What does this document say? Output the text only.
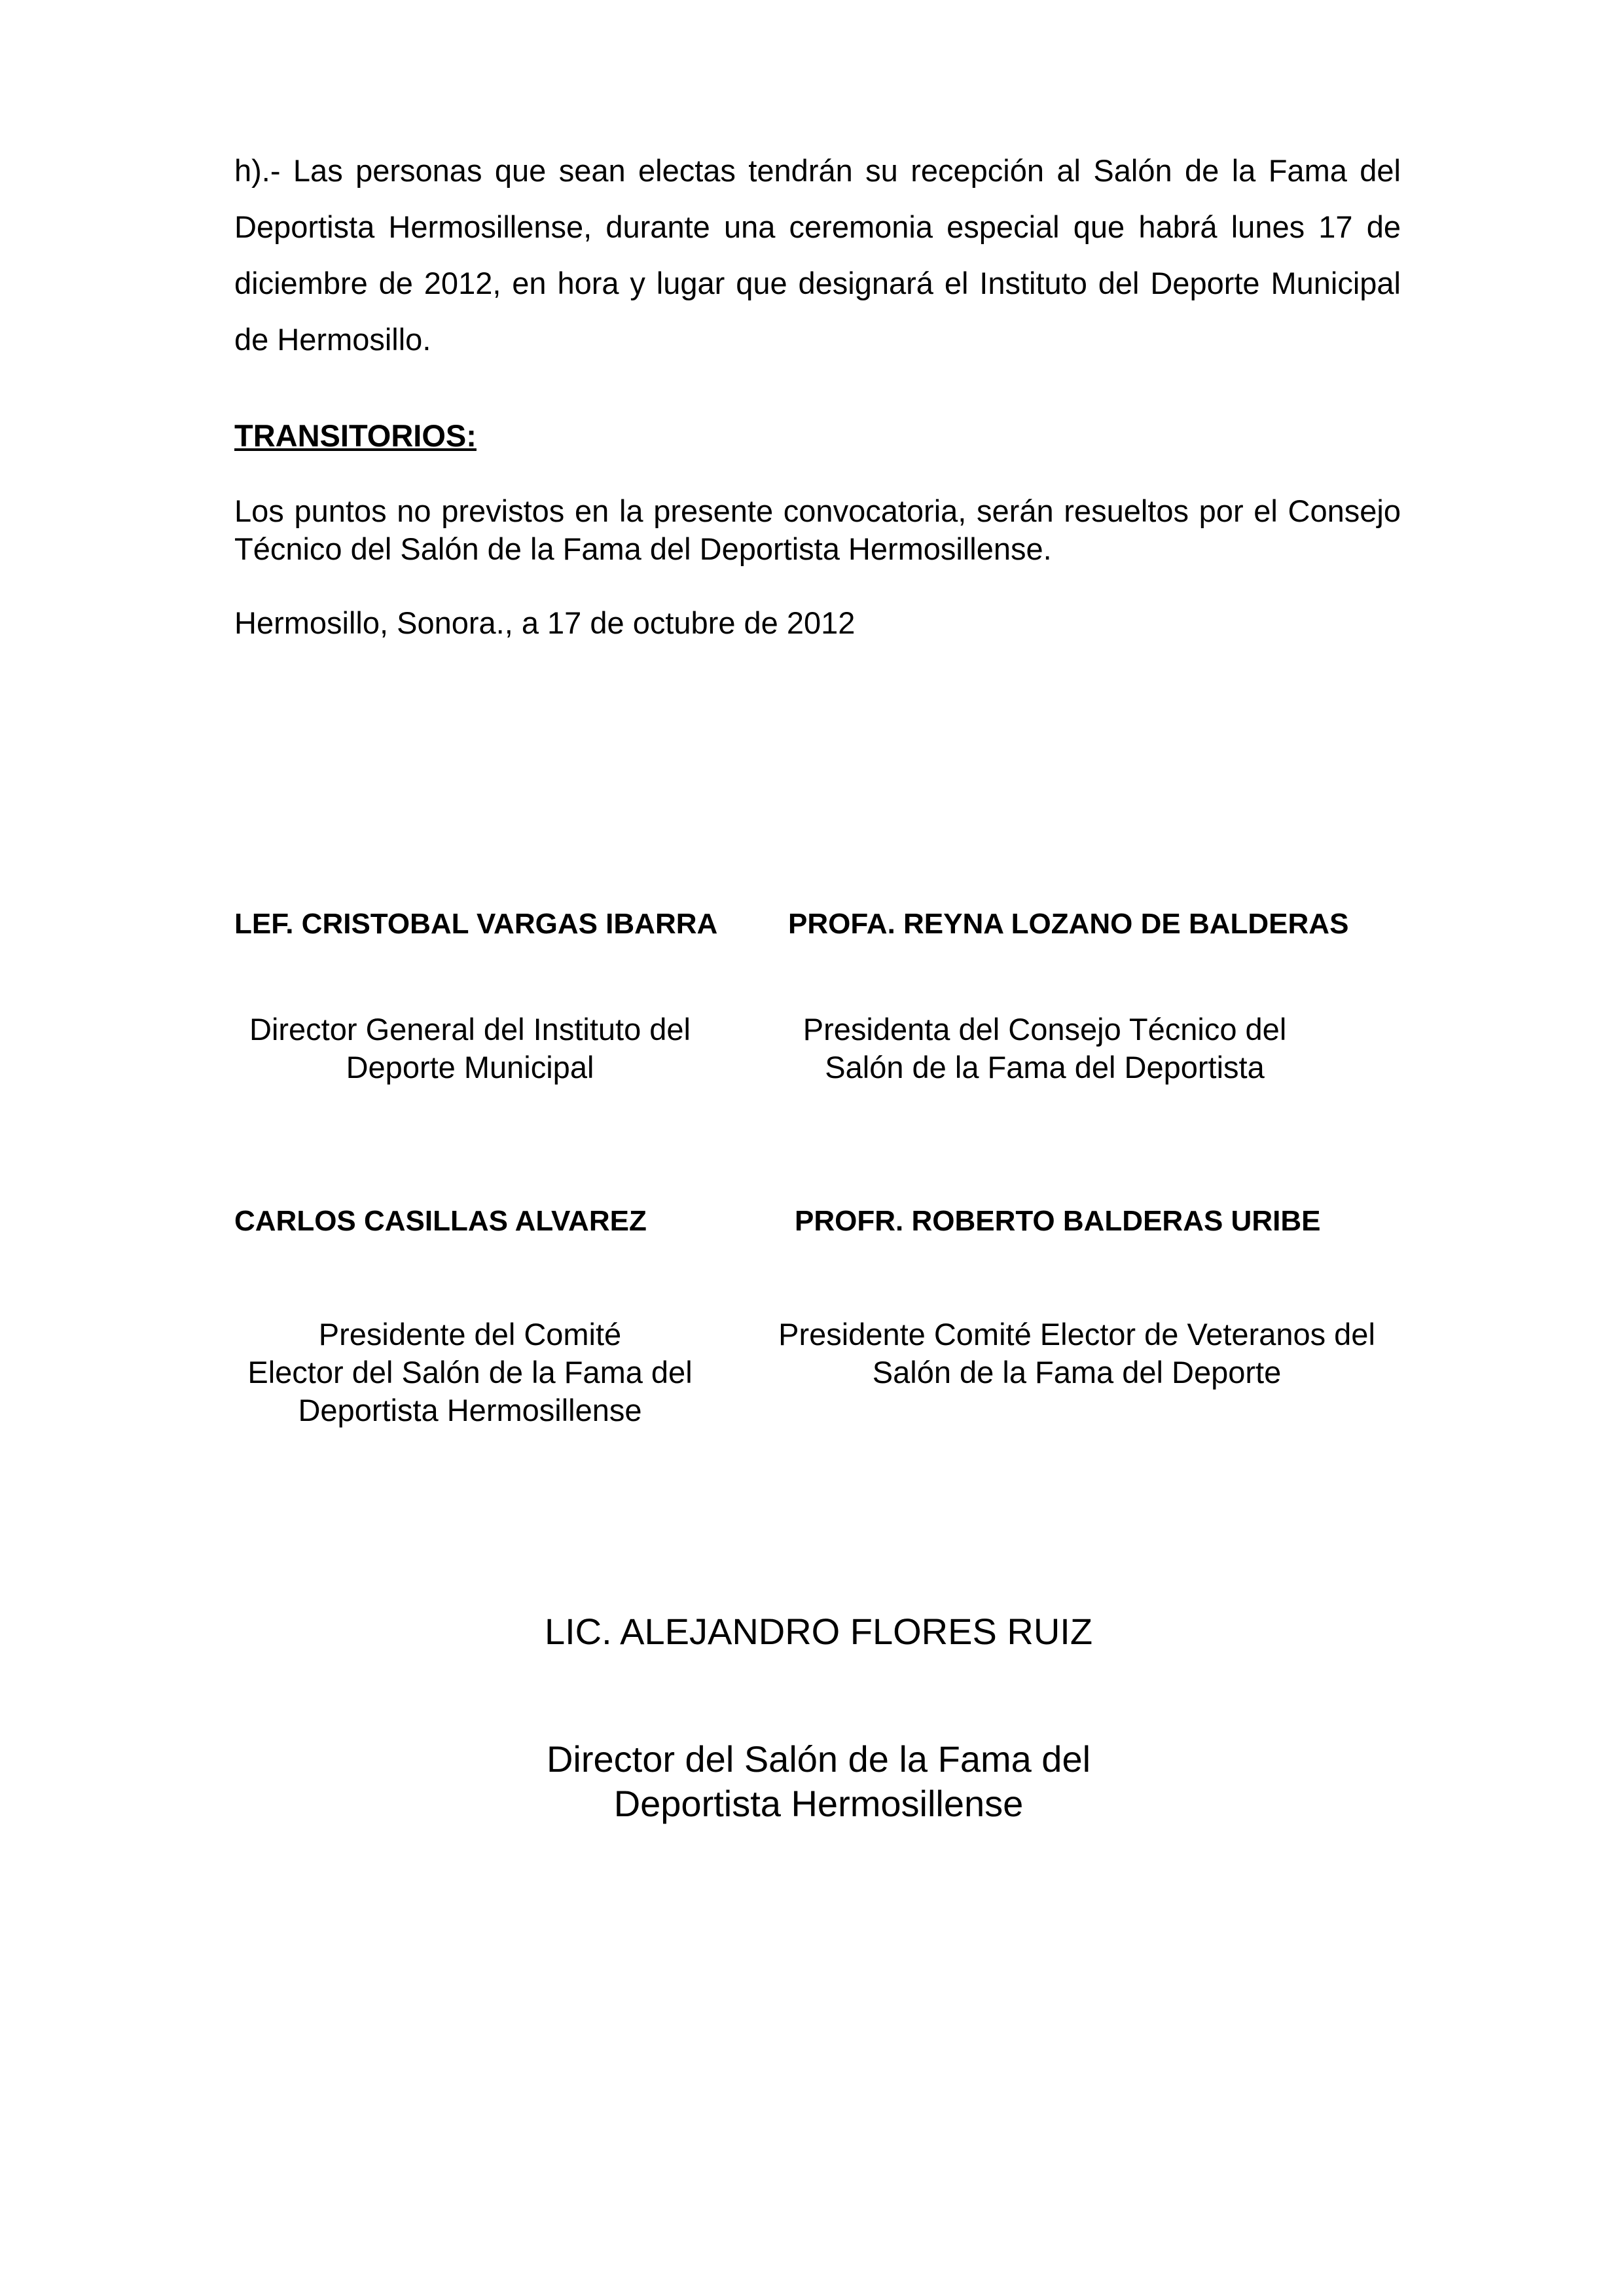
h).- Las personas que sean electas tendrán su recepción al Salón de la Fama del Deportista Hermosillense, durante una ceremonia especial que habrá lunes 17 de diciembre de 2012, en hora y lugar que designará el Instituto del Deporte Municipal de Hermosillo.

TRANSITORIOS:

Los puntos no previstos en la presente convocatoria, serán resueltos por el Consejo Técnico del Salón de la Fama del Deportista Hermosillense.

Hermosillo, Sonora., a 17 de octubre de 2012

LEF. CRISTOBAL VARGAS IBARRA

Director General del Instituto del
Deporte Municipal

PROFA. REYNA LOZANO DE BALDERAS

Presidenta del Consejo Técnico del
Salón de la Fama del Deportista

CARLOS CASILLAS ALVAREZ

Presidente del Comité
Elector del Salón de la Fama del
Deportista Hermosillense

PROFR. ROBERTO BALDERAS URIBE

Presidente Comité Elector de Veteranos del
Salón de la Fama del Deporte

LIC. ALEJANDRO FLORES RUIZ

Director del Salón de la Fama del
Deportista Hermosillense
